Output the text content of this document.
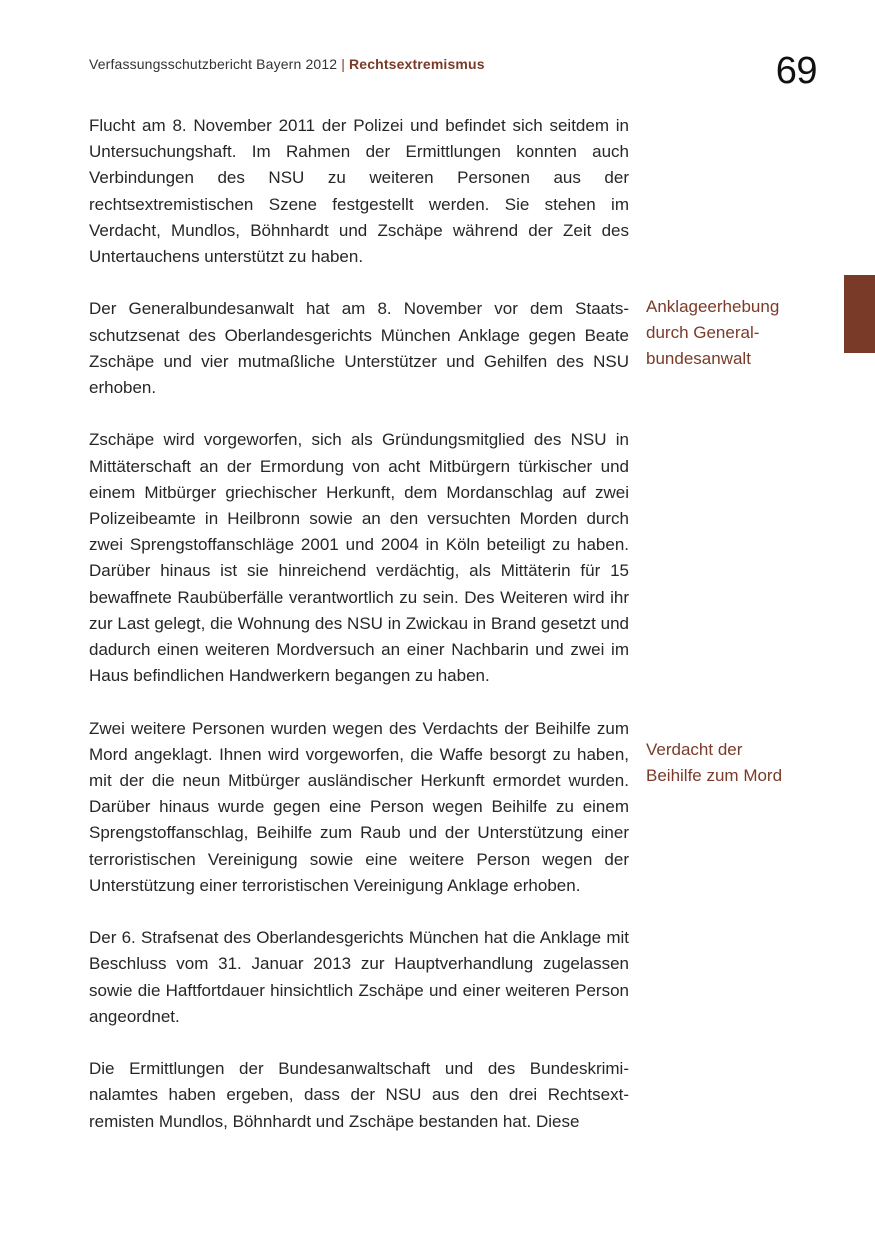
Verfassungsschutzbericht Bayern 2012 | Rechtsextremismus	69

Flucht am 8. November 2011 der Polizei und befindet sich seitdem in Untersuchungshaft. Im Rahmen der Ermittlungen konnten auch Verbindungen des NSU zu weiteren Personen aus der rechtsextremistischen Szene festgestellt werden. Sie stehen im Verdacht, Mundlos, Böhnhardt und Zschäpe während der Zeit des Untertauchens unterstützt zu haben.

Der Generalbundesanwalt hat am 8. November vor dem Staatsschutzsenat des Oberlandesgerichts München Anklage gegen Beate Zschäpe und vier mutmaßliche Unterstützer und Gehilfen des NSU erhoben.

Zschäpe wird vorgeworfen, sich als Gründungsmitglied des NSU in Mittäterschaft an der Ermordung von acht Mitbürgern türkischer und einem Mitbürger griechischer Herkunft, dem Mordanschlag auf zwei Polizeibeamte in Heilbronn sowie an den versuchten Morden durch zwei Sprengstoffanschläge 2001 und 2004 in Köln beteiligt zu haben. Darüber hinaus ist sie hinreichend verdächtig, als Mittäterin für 15 bewaffnete Raubüberfälle verantwortlich zu sein. Des Weiteren wird ihr zur Last gelegt, die Wohnung des NSU in Zwickau in Brand gesetzt und dadurch einen weiteren Mordversuch an einer Nachbarin und zwei im Haus befindlichen Handwerkern begangen zu haben.

Zwei weitere Personen wurden wegen des Verdachts der Beihilfe zum Mord angeklagt. Ihnen wird vorgeworfen, die Waffe besorgt zu haben, mit der die neun Mitbürger ausländischer Herkunft ermordet wurden. Darüber hinaus wurde gegen eine Person wegen Beihilfe zu einem Sprengstoffanschlag, Beihilfe zum Raub und der Unterstützung einer terroristischen Vereinigung sowie eine weitere Person wegen der Unterstützung einer terroristischen Vereinigung Anklage erhoben.

Der 6. Strafsenat des Oberlandesgerichts München hat die Anklage mit Beschluss vom 31. Januar 2013 zur Hauptverhandlung zugelassen sowie die Haftfortdauer hinsichtlich Zschäpe und einer weiteren Person angeordnet.

Die Ermittlungen der Bundesanwaltschaft und des Bundeskriminalamtes haben ergeben, dass der NSU aus den drei Rechtsextremisten Mundlos, Böhnhardt und Zschäpe bestanden hat. Diese

Anklageerhebung
durch General-
bundesanwalt
Verdacht der
Beihilfe zum Mord
